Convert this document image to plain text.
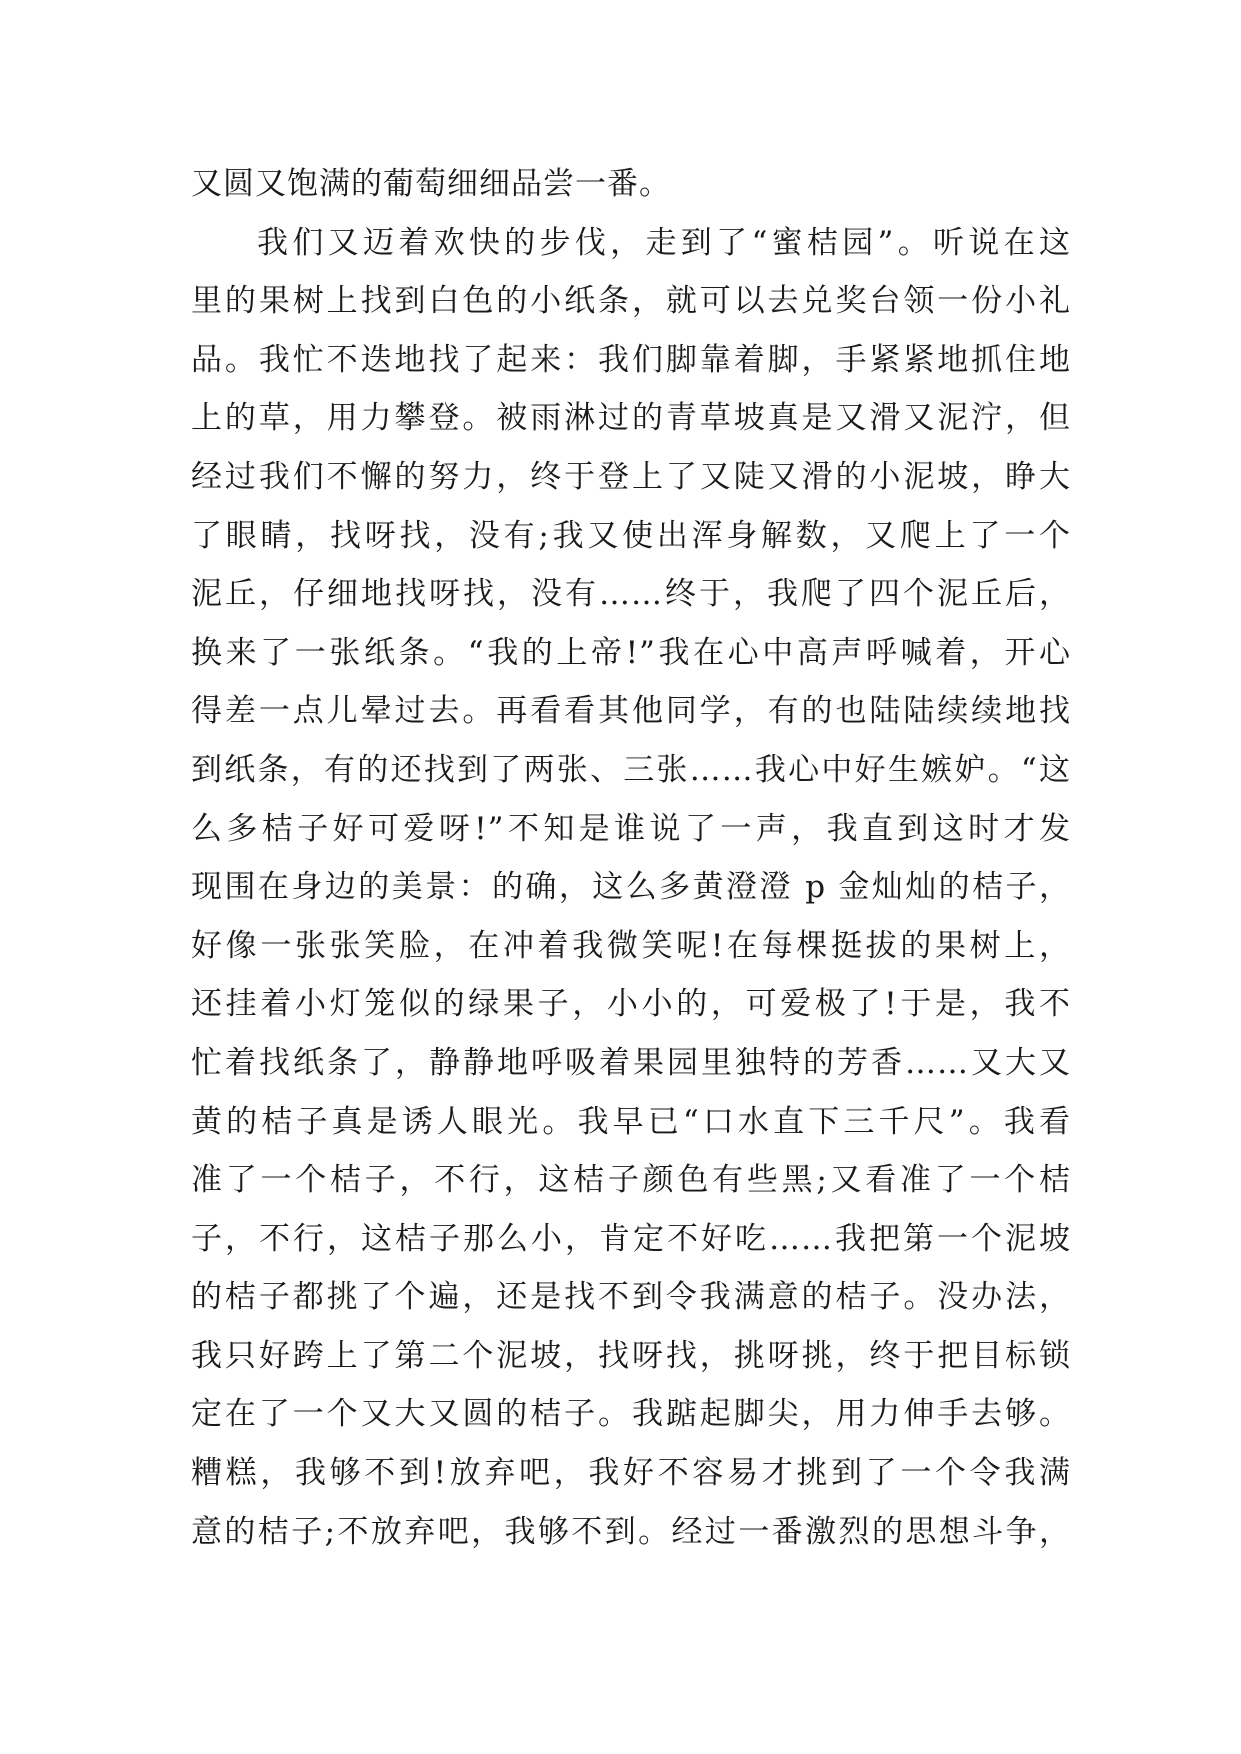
又圆又饱满的葡萄细细品尝一番。
我们又迈着欢快的步伐，走到了“蜜桔园”。听说在这
里的果树上找到白色的小纸条，就可以去兑奖台领一份小礼
品。我忙不迭地找了起来：我们脚靠着脚，手紧紧地抓住地
上的草，用力攀登。被雨淋过的青草坡真是又滑又泥泞，但
经过我们不懈的努力，终于登上了又陡又滑的小泥坡，睁大
了眼睛，找呀找，没有;我又使出浑身解数，又爬上了一个
泥丘，仔细地找呀找，没有……终于，我爬了四个泥丘后，
换来了一张纸条。“我的上帝!”我在心中高声呼喊着，开心
得差一点儿晕过去。再看看其他同学，有的也陆陆续续地找
到纸条，有的还找到了两张、三张……我心中好生嫉妒。“这
么多桔子好可爱呀!”不知是谁说了一声，我直到这时才发
现围在身边的美景：的确，这么多黄澄澄 p 金灿灿的桔子，
好像一张张笑脸，在冲着我微笑呢!在每棵挺拔的果树上，
还挂着小灯笼似的绿果子，小小的，可爱极了!于是，我不
忙着找纸条了，静静地呼吸着果园里独特的芳香……又大又
黄的桔子真是诱人眼光。我早已“口水直下三千尺”。我看
准了一个桔子，不行，这桔子颜色有些黑;又看准了一个桔
子，不行，这桔子那么小，肯定不好吃……我把第一个泥坡
的桔子都挑了个遍，还是找不到令我满意的桔子。没办法，
我只好跨上了第二个泥坡，找呀找，挑呀挑，终于把目标锁
定在了一个又大又圆的桔子。我踮起脚尖，用力伸手去够。
糟糕，我够不到!放弃吧，我好不容易才挑到了一个令我满
意的桔子;不放弃吧，我够不到。经过一番激烈的思想斗争，
